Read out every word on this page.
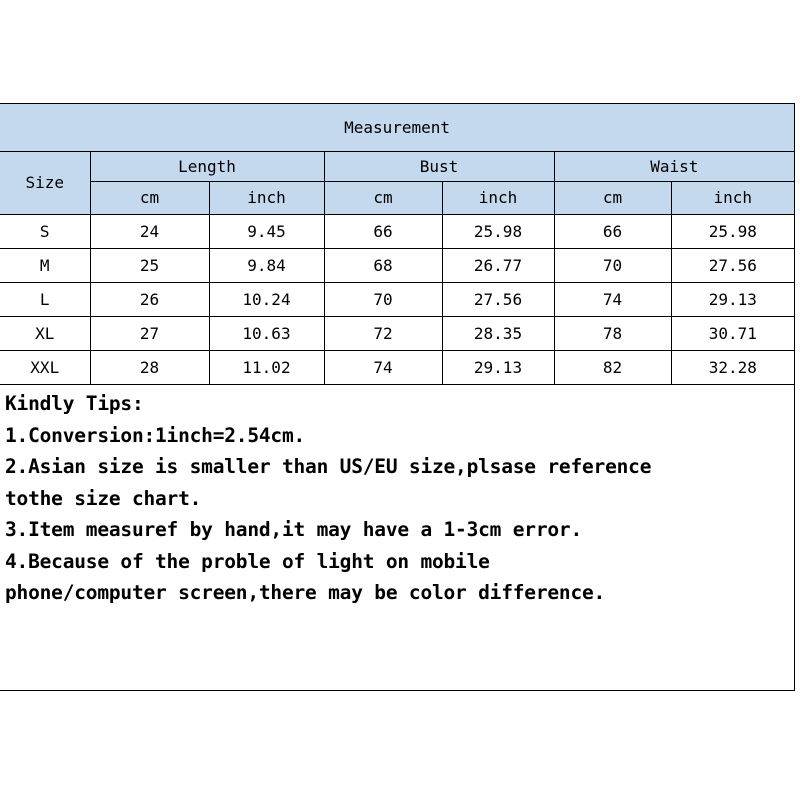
Measurement						
Size	Length		Bust		Waist	
	cm	inch	cm	inch	cm	inch
S	24	9.45	66	25.98	66	25.98
M	25	9.84	68	26.77	70	27.56
L	26	10.24	70	27.56	74	29.13
XL	27	10.63	72	28.35	78	30.71
XXL	28	11.02	74	29.13	82	32.28
Kindly Tips:
1.Conversion:1inch=2.54cm.
2.Asian size is smaller than US/EU size,plsase reference
tothe size chart.
3.Item measuref by hand,it may have a 1-3cm error.
4.Because of the proble of light on mobile
phone/computer screen,there may be color difference.
